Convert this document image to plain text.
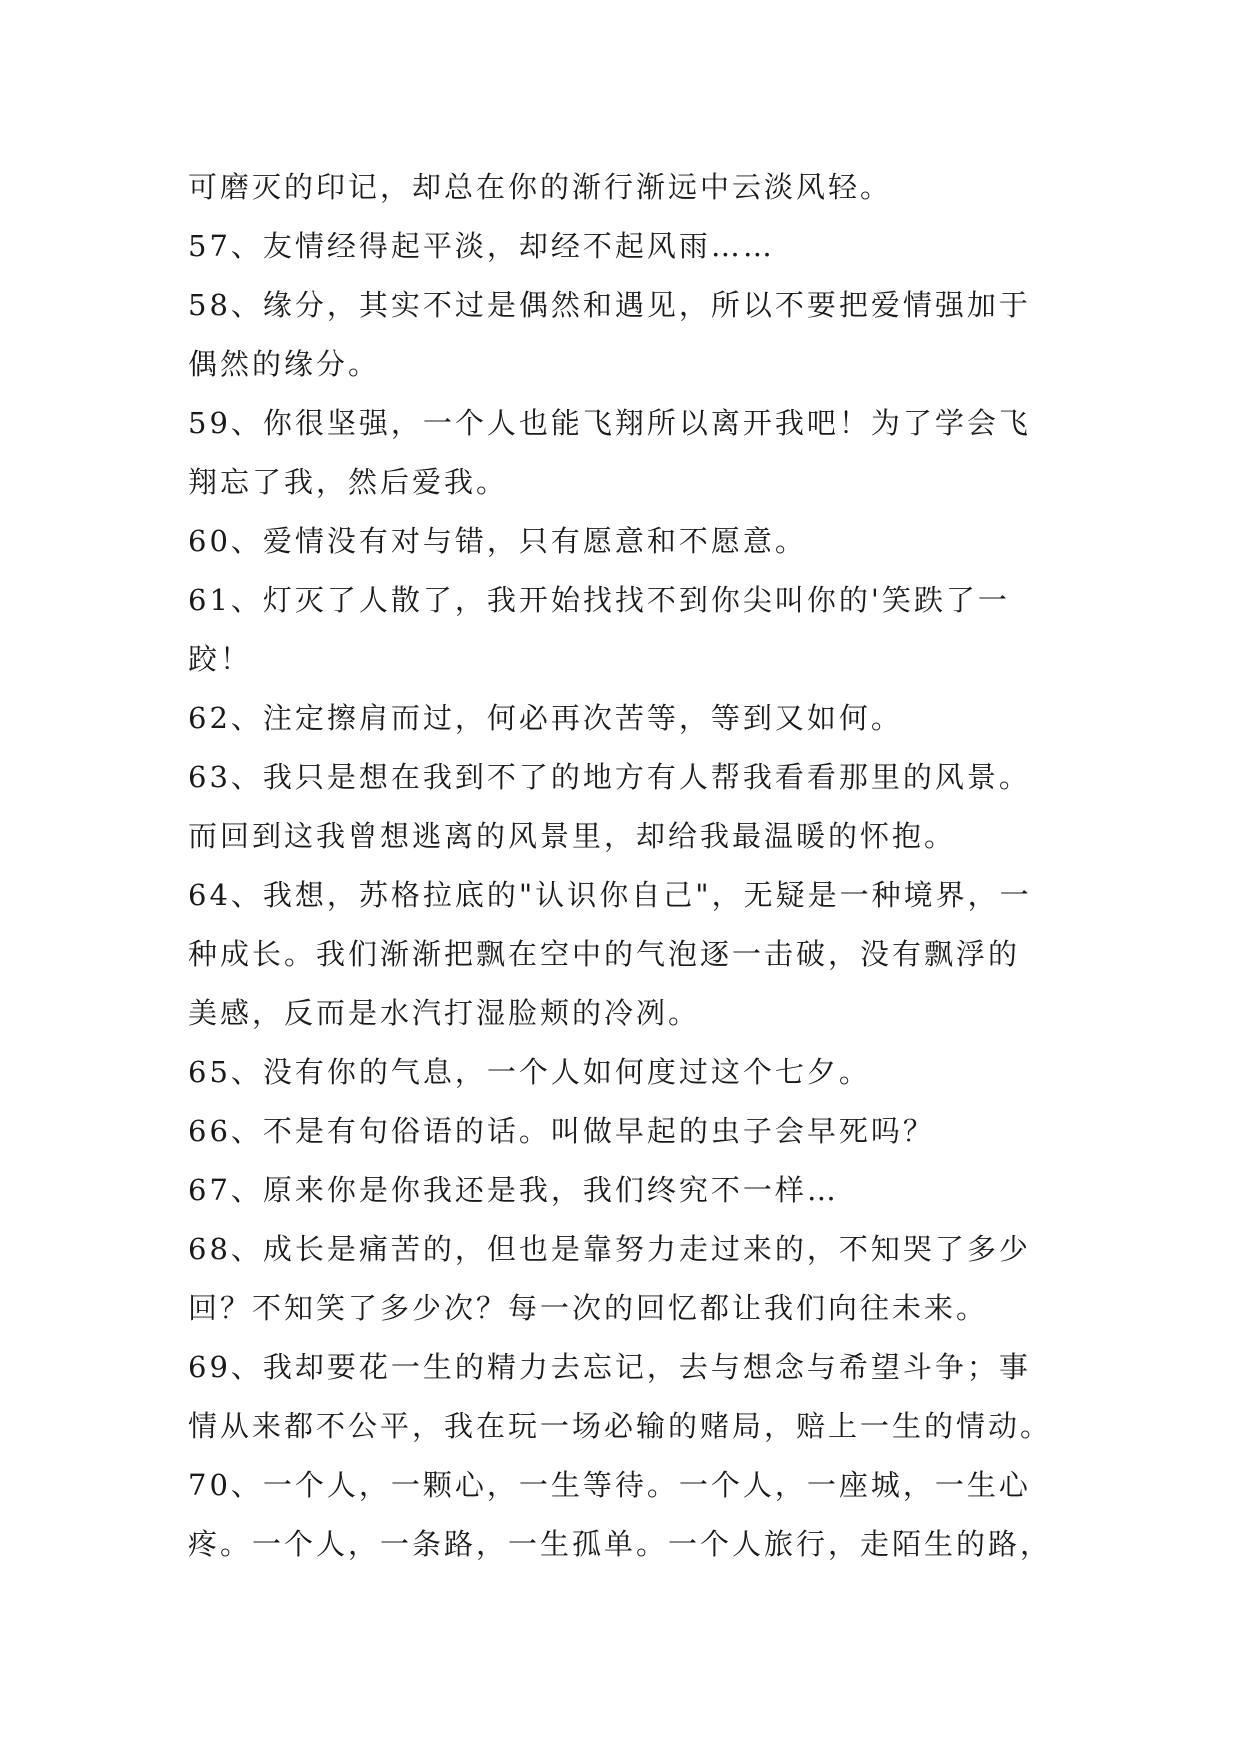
可磨灭的印记，却总在你的渐行渐远中云淡风轻。
57、友情经得起平淡，却经不起风雨……
58、缘分，其实不过是偶然和遇见，所以不要把爱情强加于
偶然的缘分。
59、你很坚强，一个人也能飞翔所以离开我吧！为了学会飞
翔忘了我，然后爱我。
60、爱情没有对与错，只有愿意和不愿意。
61、灯灭了人散了，我开始找找不到你尖叫你的'笑跌了一
跤！
62、注定擦肩而过，何必再次苦等，等到又如何。
63、我只是想在我到不了的地方有人帮我看看那里的风景。
而回到这我曾想逃离的风景里，却给我最温暖的怀抱。
64、我想，苏格拉底的"认识你自己"，无疑是一种境界，一
种成长。我们渐渐把飘在空中的气泡逐一击破，没有飘浮的
美感，反而是水汽打湿脸颊的冷冽。
65、没有你的气息，一个人如何度过这个七夕。
66、不是有句俗语的话。叫做早起的虫子会早死吗？
67、原来你是你我还是我，我们终究不一样…
68、成长是痛苦的，但也是靠努力走过来的，不知哭了多少
回？不知笑了多少次？每一次的回忆都让我们向往未来。
69、我却要花一生的精力去忘记，去与想念与希望斗争；事
情从来都不公平，我在玩一场必输的赌局，赔上一生的情动。
70、一个人，一颗心，一生等待。一个人，一座城，一生心
疼。一个人，一条路，一生孤单。一个人旅行，走陌生的路，
